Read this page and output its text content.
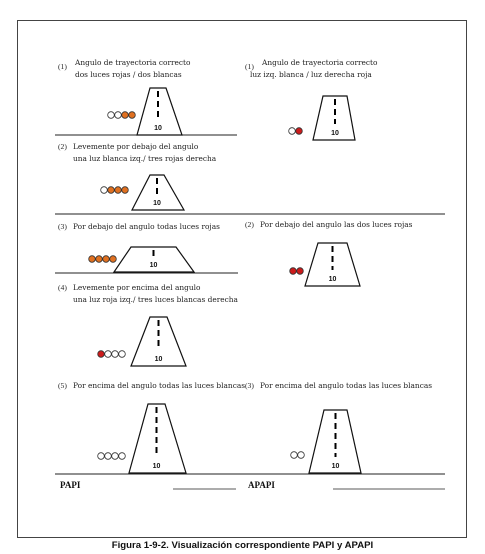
10
10
10
10
10
10
10
10
(1) Angulo de trayectoria correcto
dos luces rojas / dos blancas
(2) Levemente por debajo del angulo
una luz blanca izq./ tres rojas derecha
(3) Por debajo del angulo todas luces rojas
(4) Levemente por encima del angulo
una luz roja izq./ tres luces blancas derecha
(5) Por encima del angulo todas las luces blancas
(1) Angulo de trayectoria correcto
luz izq. blanca / luz derecha roja
(2) Por debajo del angulo las dos luces rojas
(3) Por encima del angulo todas las luces blancas
PAPI	APAPI
Figura 1-9-2. Visualización correspondiente PAPI y APAPI
